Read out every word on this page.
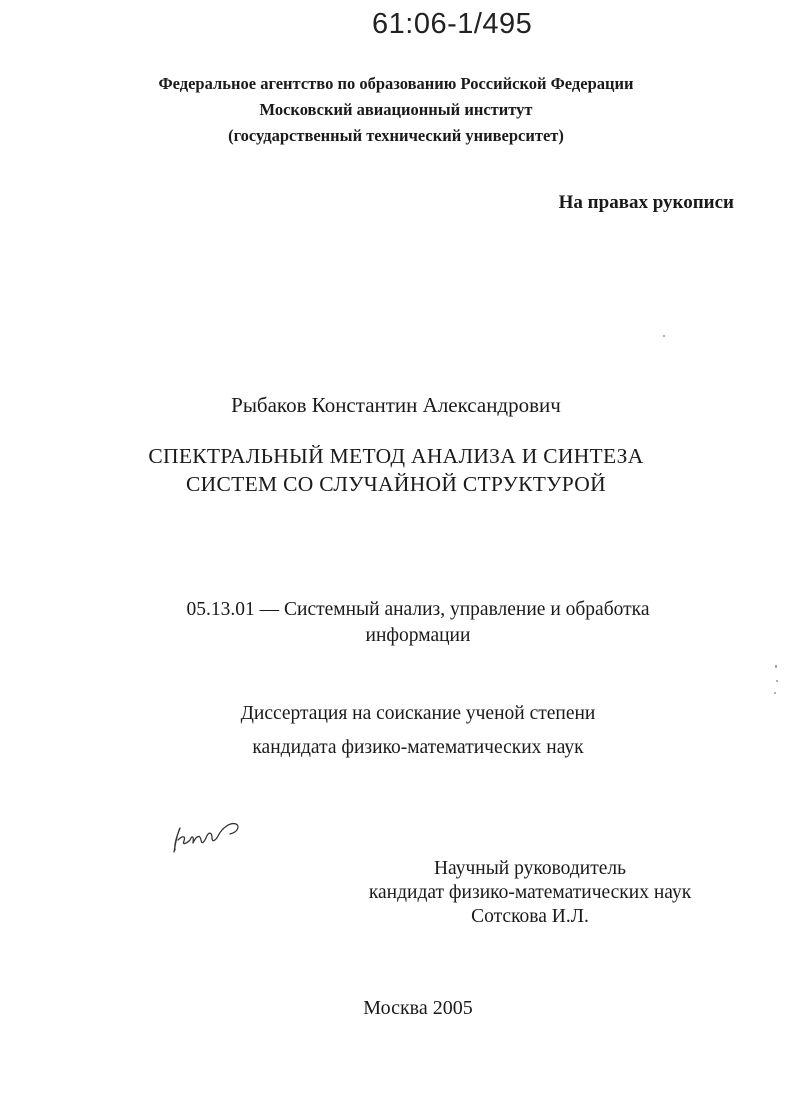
61:06-1/495
Федеральное агентство по образованию Российской Федерации
Московский авиационный институт
(государственный технический университет)
На правах рукописи
Рыбаков Константин Александрович
СПЕКТРАЛЬНЫЙ МЕТОД АНАЛИЗА И СИНТЕЗА
СИСТЕМ СО СЛУЧАЙНОЙ СТРУКТУРОЙ
05.13.01 — Системный анализ, управление и обработка
информации
Диссертация на соискание ученой степени
кандидата физико-математических наук
Научный руководитель
кандидат физико-математических наук
Сотскова И.Л.
Москва 2005
